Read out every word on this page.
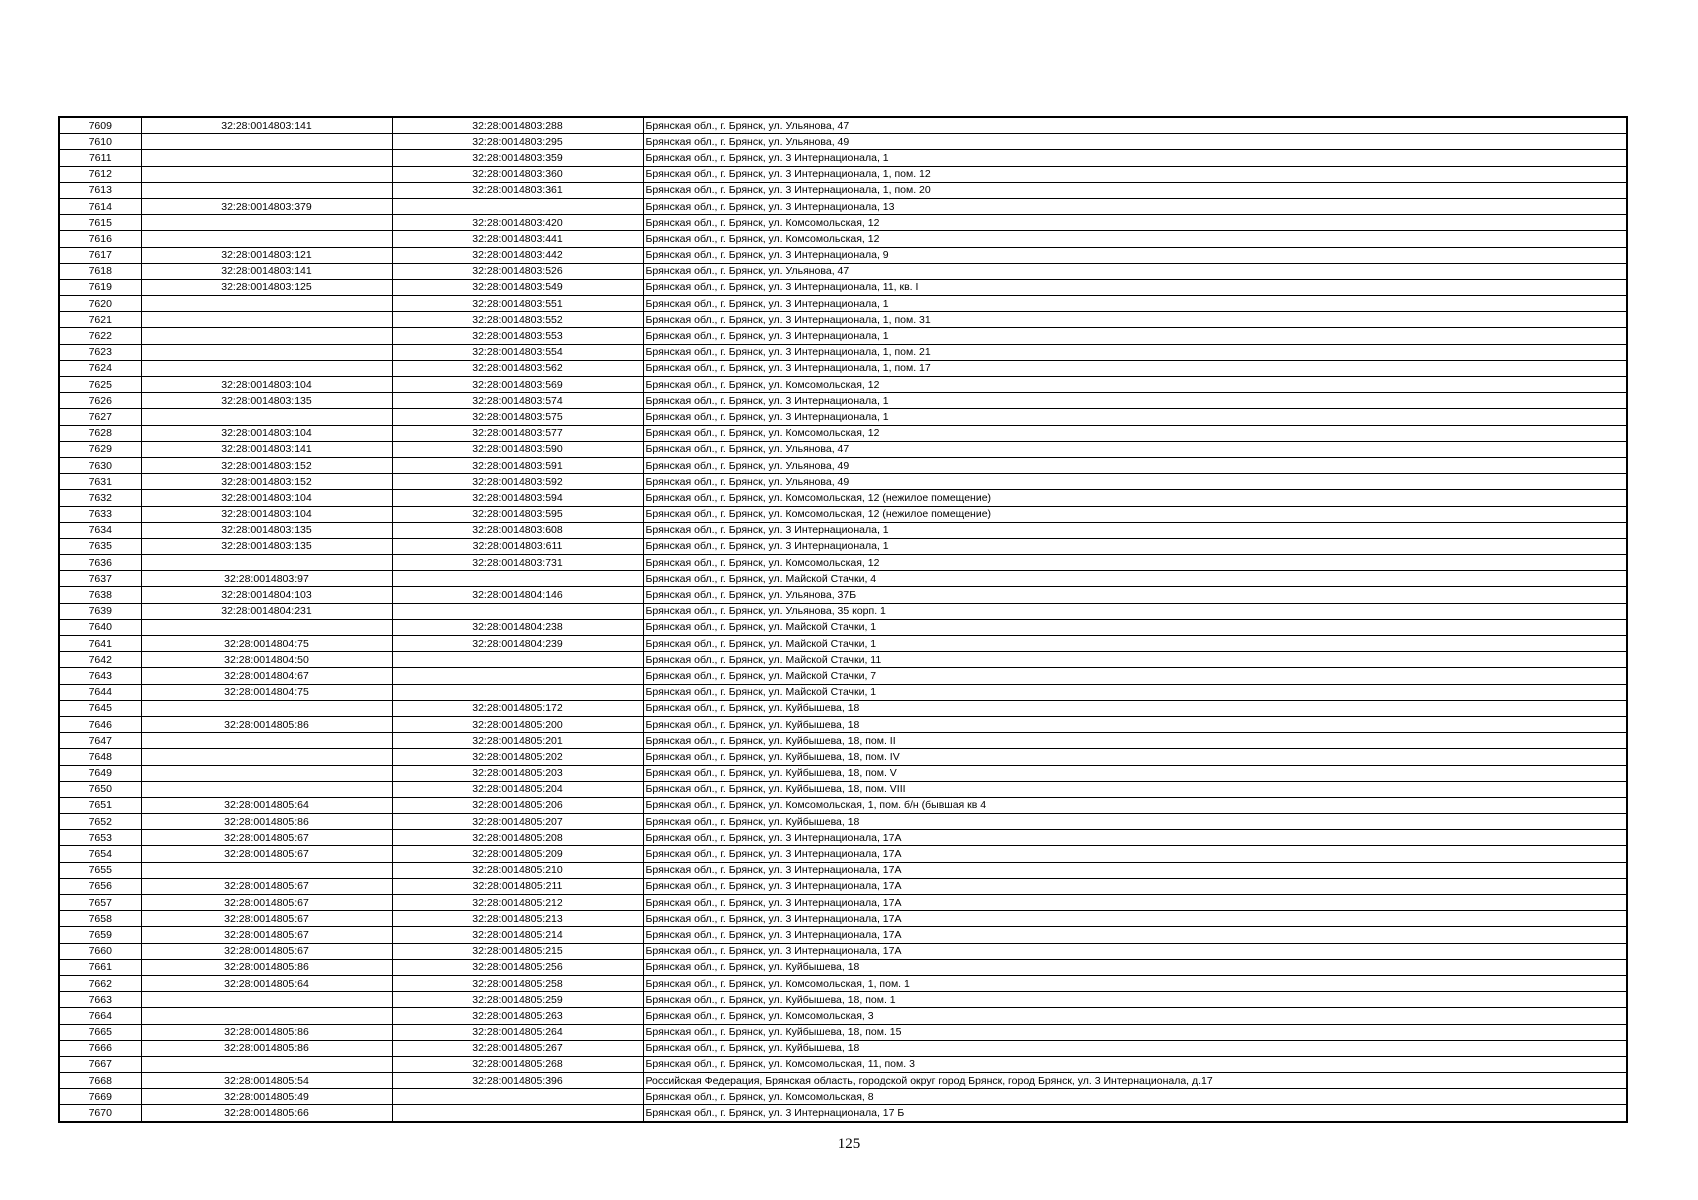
7609	32:28:0014803:141	32:28:0014803:288	Брянская обл., г. Брянск, ул. Ульянова, 47
7610		32:28:0014803:295	Брянская обл., г. Брянск, ул. Ульянова, 49
7611		32:28:0014803:359	Брянская обл., г. Брянск, ул. 3 Интернационала, 1
7612		32:28:0014803:360	Брянская обл., г. Брянск, ул. 3 Интернационала, 1, пом. 12
7613		32:28:0014803:361	Брянская обл., г. Брянск, ул. 3 Интернационала, 1, пом. 20
7614	32:28:0014803:379		Брянская обл., г. Брянск, ул. 3 Интернационала, 13
7615		32:28:0014803:420	Брянская обл., г. Брянск, ул. Комсомольская, 12
7616		32:28:0014803:441	Брянская обл., г. Брянск, ул. Комсомольская, 12
7617	32:28:0014803:121	32:28:0014803:442	Брянская обл., г. Брянск, ул. 3 Интернационала, 9
7618	32:28:0014803:141	32:28:0014803:526	Брянская обл., г. Брянск, ул. Ульянова, 47
7619	32:28:0014803:125	32:28:0014803:549	Брянская обл., г. Брянск, ул. 3 Интернационала, 11, кв. I
7620		32:28:0014803:551	Брянская обл., г. Брянск, ул. 3 Интернационала, 1
7621		32:28:0014803:552	Брянская обл., г. Брянск, ул. 3 Интернационала, 1, пом. 31
7622		32:28:0014803:553	Брянская обл., г. Брянск, ул. 3 Интернационала, 1
7623		32:28:0014803:554	Брянская обл., г. Брянск, ул. 3 Интернационала, 1, пом. 21
7624		32:28:0014803:562	Брянская обл., г. Брянск, ул. 3 Интернационала, 1, пом. 17
7625	32:28:0014803:104	32:28:0014803:569	Брянская обл., г. Брянск, ул. Комсомольская, 12
7626	32:28:0014803:135	32:28:0014803:574	Брянская обл., г. Брянск, ул. 3 Интернационала, 1
7627		32:28:0014803:575	Брянская обл., г. Брянск, ул. 3 Интернационала, 1
7628	32:28:0014803:104	32:28:0014803:577	Брянская обл., г. Брянск, ул. Комсомольская, 12
7629	32:28:0014803:141	32:28:0014803:590	Брянская обл., г. Брянск, ул. Ульянова, 47
7630	32:28:0014803:152	32:28:0014803:591	Брянская обл., г. Брянск, ул. Ульянова, 49
7631	32:28:0014803:152	32:28:0014803:592	Брянская обл., г. Брянск, ул. Ульянова, 49
7632	32:28:0014803:104	32:28:0014803:594	Брянская обл., г. Брянск, ул. Комсомольская, 12 (нежилое помещение)
7633	32:28:0014803:104	32:28:0014803:595	Брянская обл., г. Брянск, ул. Комсомольская, 12 (нежилое помещение)
7634	32:28:0014803:135	32:28:0014803:608	Брянская обл., г. Брянск, ул. 3 Интернационала, 1
7635	32:28:0014803:135	32:28:0014803:611	Брянская обл., г. Брянск, ул. 3 Интернационала, 1
7636		32:28:0014803:731	Брянская обл., г. Брянск, ул. Комсомольская, 12
7637	32:28:0014803:97		Брянская обл., г. Брянск, ул. Майской Стачки, 4
7638	32:28:0014804:103	32:28:0014804:146	Брянская обл., г. Брянск, ул. Ульянова, 37Б
7639	32:28:0014804:231		Брянская обл., г. Брянск, ул. Ульянова, 35 корп. 1
7640		32:28:0014804:238	Брянская обл., г. Брянск, ул. Майской Стачки, 1
7641	32:28:0014804:75	32:28:0014804:239	Брянская обл., г. Брянск, ул. Майской Стачки, 1
7642	32:28:0014804:50		Брянская обл., г. Брянск, ул. Майской Стачки, 11
7643	32:28:0014804:67		Брянская обл., г. Брянск, ул. Майской Стачки, 7
7644	32:28:0014804:75		Брянская обл., г. Брянск, ул. Майской Стачки, 1
7645		32:28:0014805:172	Брянская обл., г. Брянск, ул. Куйбышева, 18
7646	32:28:0014805:86	32:28:0014805:200	Брянская обл., г. Брянск, ул. Куйбышева, 18
7647		32:28:0014805:201	Брянская обл., г. Брянск, ул. Куйбышева, 18, пом. II
7648		32:28:0014805:202	Брянская обл., г. Брянск, ул. Куйбышева, 18, пом. IV
7649		32:28:0014805:203	Брянская обл., г. Брянск, ул. Куйбышева, 18, пом. V
7650		32:28:0014805:204	Брянская обл., г. Брянск, ул. Куйбышева, 18, пом. VIII
7651	32:28:0014805:64	32:28:0014805:206	Брянская обл., г. Брянск, ул. Комсомольская, 1, пом. б/н (бывшая кв 4
7652	32:28:0014805:86	32:28:0014805:207	Брянская обл., г. Брянск, ул. Куйбышева, 18
7653	32:28:0014805:67	32:28:0014805:208	Брянская обл., г. Брянск, ул. 3 Интернационала, 17А
7654	32:28:0014805:67	32:28:0014805:209	Брянская обл., г. Брянск, ул. 3 Интернационала, 17А
7655		32:28:0014805:210	Брянская обл., г. Брянск, ул. 3 Интернационала, 17А
7656	32:28:0014805:67	32:28:0014805:211	Брянская обл., г. Брянск, ул. 3 Интернационала, 17А
7657	32:28:0014805:67	32:28:0014805:212	Брянская обл., г. Брянск, ул. 3 Интернационала, 17А
7658	32:28:0014805:67	32:28:0014805:213	Брянская обл., г. Брянск, ул. 3 Интернационала, 17А
7659	32:28:0014805:67	32:28:0014805:214	Брянская обл., г. Брянск, ул. 3 Интернационала, 17А
7660	32:28:0014805:67	32:28:0014805:215	Брянская обл., г. Брянск, ул. 3 Интернационала, 17А
7661	32:28:0014805:86	32:28:0014805:256	Брянская обл., г. Брянск, ул. Куйбышева, 18
7662	32:28:0014805:64	32:28:0014805:258	Брянская обл., г. Брянск, ул. Комсомольская, 1, пом. 1
7663		32:28:0014805:259	Брянская обл., г. Брянск, ул. Куйбышева, 18, пом. 1
7664		32:28:0014805:263	Брянская обл., г. Брянск, ул. Комсомольская, 3
7665	32:28:0014805:86	32:28:0014805:264	Брянская обл., г. Брянск, ул. Куйбышева, 18, пом. 15
7666	32:28:0014805:86	32:28:0014805:267	Брянская обл., г. Брянск, ул. Куйбышева, 18
7667		32:28:0014805:268	Брянская обл., г. Брянск, ул. Комсомольская, 11, пом. 3
7668	32:28:0014805:54	32:28:0014805:396	Российская Федерация, Брянская область, городской округ город Брянск, город Брянск, ул. 3 Интернационала, д.17
7669	32:28:0014805:49		Брянская обл., г. Брянск, ул. Комсомольская, 8
7670	32:28:0014805:66		Брянская обл., г. Брянск, ул. 3 Интернационала, 17 Б
125
